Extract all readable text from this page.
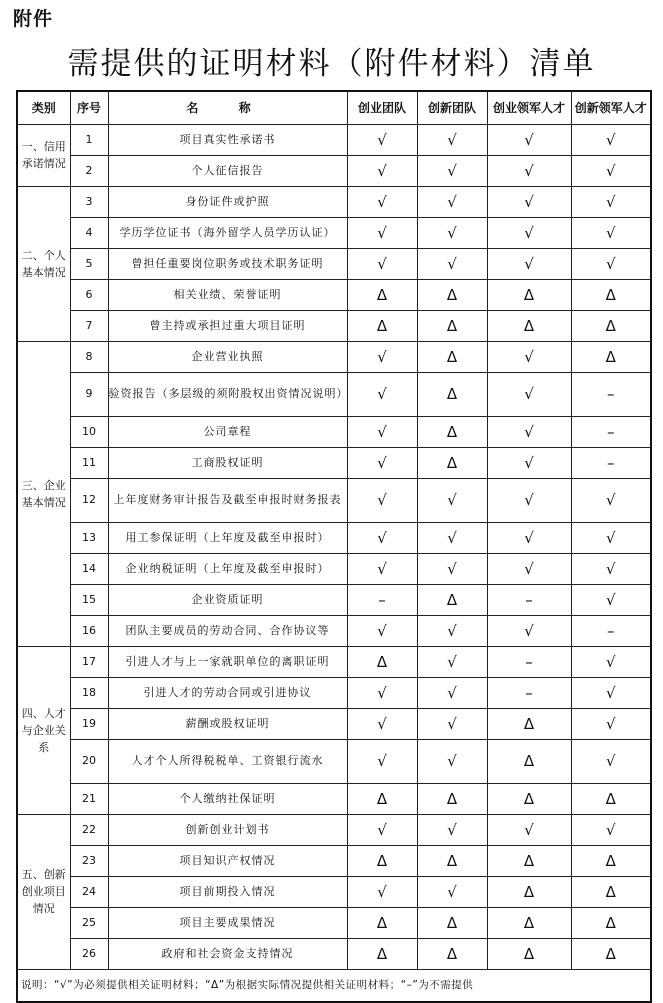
附件
需提供的证明材料（附件材料）清单
类别	序号	名 称	创业团队	创新团队	创业领军人才	创新领军人才
一、信用承诺情况	1	项目真实性承诺书	√	√	√	√
	2	个人征信报告	√	√	√	√
二、个人基本情况	3	身份证件或护照	√	√	√	√
	4	学历学位证书（海外留学人员学历认证）	√	√	√	√
	5	曾担任重要岗位职务或技术职务证明	√	√	√	√
	6	相关业绩、荣誉证明	Δ	Δ	Δ	Δ
	7	曾主持或承担过重大项目证明	Δ	Δ	Δ	Δ
三、企业基本情况	8	企业营业执照	√	Δ	√	Δ
	9	验资报告（多层级的须附股权出资情况说明）	√	Δ	√	–
	10	公司章程	√	Δ	√	–
	11	工商股权证明	√	Δ	√	–
	12	上年度财务审计报告及截至申报时财务报表	√	√	√	√
	13	用工参保证明（上年度及截至申报时）	√	√	√	√
	14	企业纳税证明（上年度及截至申报时）	√	√	√	√
	15	企业资质证明	–	Δ	–	√
	16	团队主要成员的劳动合同、合作协议等	√	√	√	–
四、人才与企业关系	17	引进人才与上一家就职单位的离职证明	Δ	√	–	√
	18	引进人才的劳动合同或引进协议	√	√	–	√
	19	薪酬或股权证明	√	√	Δ	√
	20	人才个人所得税税单、工资银行流水	√	√	Δ	√
	21	个人缴纳社保证明	Δ	Δ	Δ	Δ
五、创新创业项目情况	22	创新创业计划书	√	√	√	√
	23	项目知识产权情况	Δ	Δ	Δ	Δ
	24	项目前期投入情况	√	√	Δ	Δ
	25	项目主要成果情况	Δ	Δ	Δ	Δ
	26	政府和社会资金支持情况	Δ	Δ	Δ	Δ
说明：“√”为必须提供相关证明材料；“Δ”为根据实际情况提供相关证明材料；“–”为不需提供						
